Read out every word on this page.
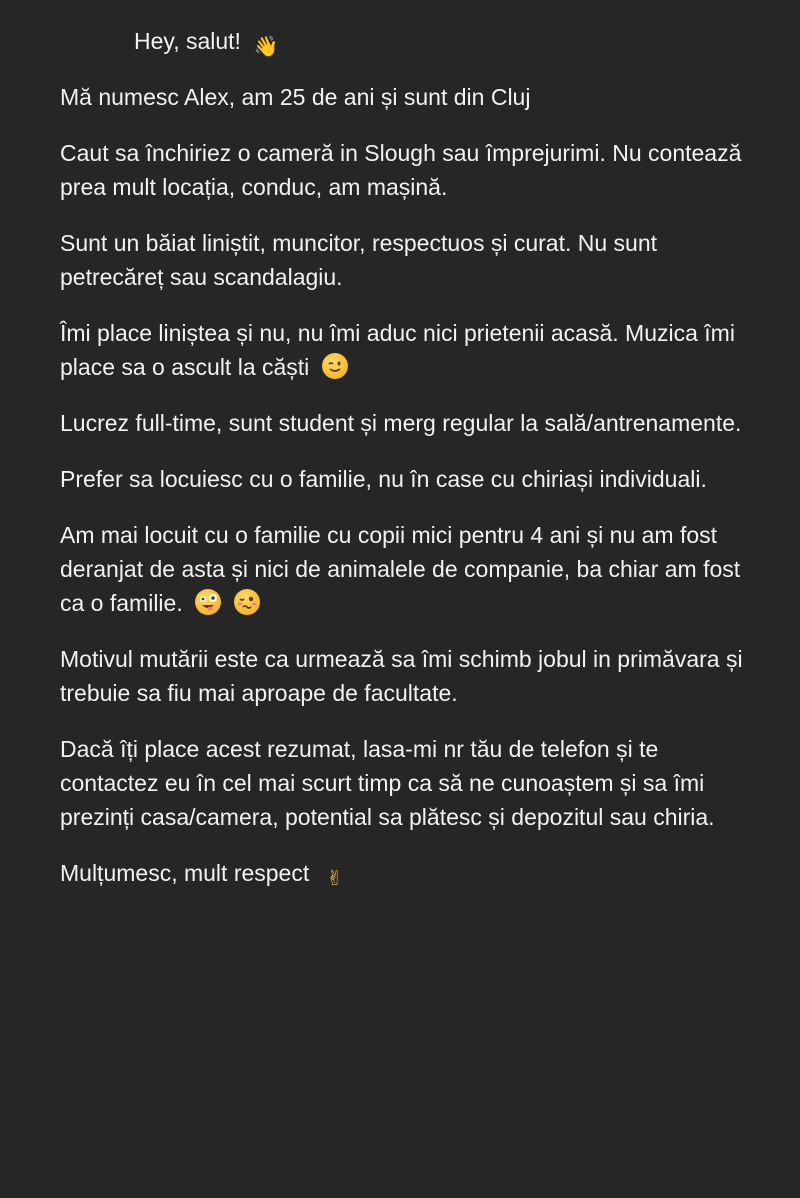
Hey, salut! 👋

Mă numesc Alex, am 25 de ani și sunt din Cluj

Caut sa închiriez o cameră in Slough sau împrejurimi. Nu contează prea mult locația, conduc, am mașină.

Sunt un băiat liniștit, muncitor, respectuos și curat. Nu sunt petrecăreț sau scandalagiu.

Îmi place liniștea și nu, nu îmi aduc nici prietenii acasă. Muzica îmi place sa o ascult la căști

Lucrez full-time, sunt student și merg regular la sală/antrenamente.

Prefer sa locuiesc cu o familie, nu în case cu chiriași individuali.

Am mai locuit cu o familie cu copii mici pentru 4 ani și nu am fost deranjat de asta și nici de animalele de companie, ba chiar am fost ca o familie.

Motivul mutării este ca urmează sa îmi schimb jobul in primăvara și trebuie sa fiu mai aproape de facultate.

Dacă îți place acest rezumat, lasa-mi nr tău de telefon și te contactez eu în cel mai scurt timp ca să ne cunoaștem și sa îmi prezinți casa/camera, potential sa plătesc și depozitul sau chiria.

Mulțumesc, mult respect ✌
